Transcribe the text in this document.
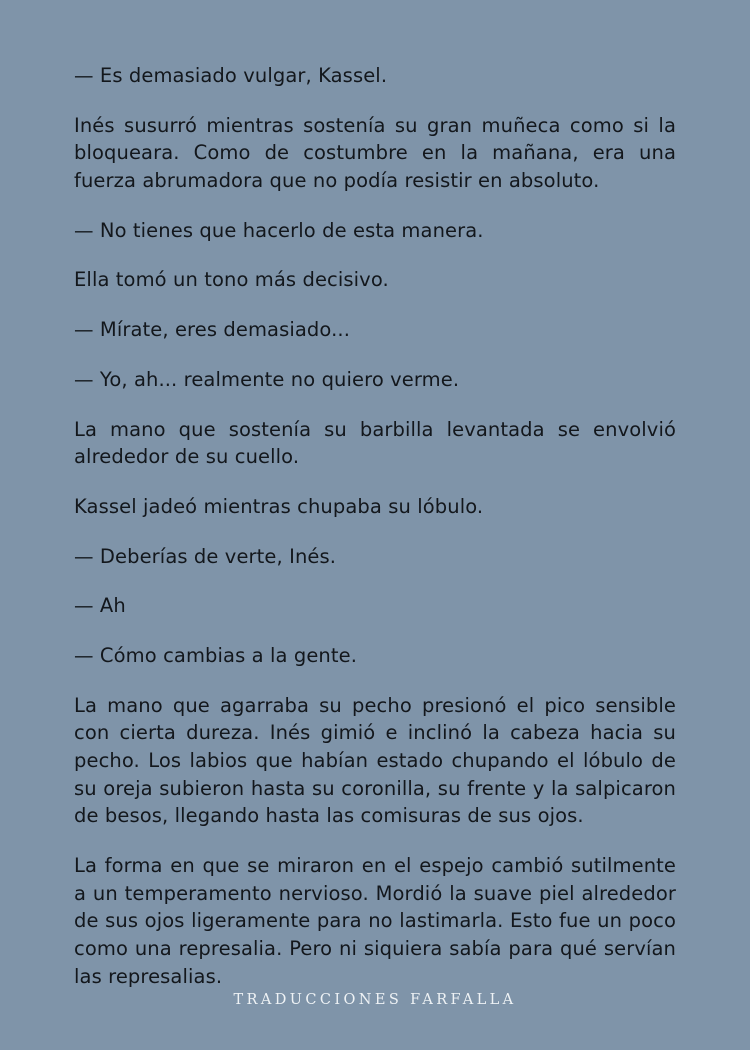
— Es demasiado vulgar, Kassel.

Inés susurró mientras sostenía su gran muñeca como si la bloqueara. Como de costumbre en la mañana, era una fuerza abrumadora que no podía resistir en absoluto.

— No tienes que hacerlo de esta manera.

Ella tomó un tono más decisivo.

— Mírate, eres demasiado...

— Yo, ah... realmente no quiero verme.

La mano que sostenía su barbilla levantada se envolvió alrededor de su cuello.

Kassel jadeó mientras chupaba su lóbulo.

— Deberías de verte, Inés.

— Ah

— Cómo cambias a la gente.

La mano que agarraba su pecho presionó el pico sensible con cierta dureza. Inés gimió e inclinó la cabeza hacia su pecho. Los labios que habían estado chupando el lóbulo de su oreja subieron hasta su coronilla, su frente y la salpicaron de besos, llegando hasta las comisuras de sus ojos.

La forma en que se miraron en el espejo cambió sutilmente a un temperamento nervioso. Mordió la suave piel alrededor de sus ojos ligeramente para no lastimarla. Esto fue un poco como una represalia. Pero ni siquiera sabía para qué servían las represalias.

TRADUCCIONES FARFALLA
